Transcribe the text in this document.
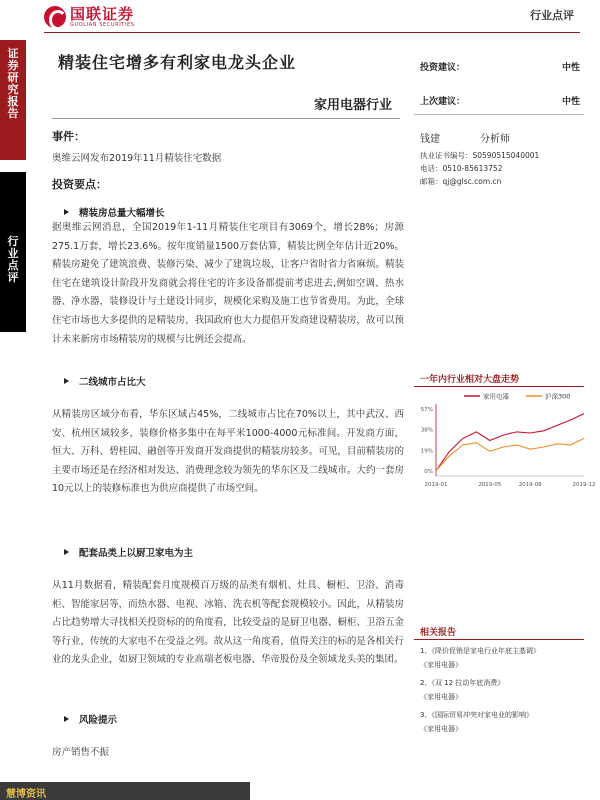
国联证券
GUOLIAN SECURITIES
行业点评
证
券
研
究
报
告
行
业
点
评
精装住宅增多有利家电龙头企业
家用电器行业
投资建议：	中性
上次建议：	中性
钱建	分析师
执业证书编号：S0590515040001
电话：0510-85613752
邮箱：qj@glsc.com.cn
事件：
奥维云网发布2019年11月精装住宅数据
投资要点：
精装房总量大幅增长
据奥维云网消息，全国2019年1-11月精装住宅项目有3069个，增长28%；房源275.1万套，增长23.6%。按年度销量1500万套估算，精装比例全年估计近20%。精装房避免了建筑浪费、装修污染、减少了建筑垃圾，让客户省时省力省麻烦。精装住宅在建筑设计阶段开发商就会将住宅的许多设备都提前考虑进去,例如空调、热水器、净水器，装修设计与土建设计同步，规模化采购及施工也节省费用。为此，全球住宅市场也大多提供的是精装房，我国政府也大力提倡开发商建设精装房，故可以预计未来新房市场精装房的规模与比例还会提高。
二线城市占比大
从精装房区域分布看，华东区域占45%，二线城市占比在70%以上，其中武汉、西安、杭州区域较多，装修价格多集中在每平米1000-4000元标准间。开发商方面，恒大、万科、碧桂园、融创等开发商开发商提供的精装房较多。可见，目前精装房的主要市场还是在经济相对发达、消费理念较为领先的华东区及二线城市。大约一套房10元以上的装修标准也为供应商提供了市场空间。
配套品类上以厨卫家电为主
从11月数据看，精装配套月度规模百万级的品类有烟机、灶具、橱柜、卫浴、消毒柜、智能家居等，而热水器、电视、冰箱、洗衣机等配套规模较小。因此，从精装房占比趋势增大寻找相关投资标的的角度看，比较受益的是厨卫电器、橱柜、卫浴五金等行业，传统的大家电不在受益之列。故从这一角度看，值得关注的标的是各相关行业的龙头企业，如厨卫领域的专业高端老板电器、华帝股份及全领域龙头美的集团。
风险提示
房产销售不振
一年内行业相对大盘走势
家用电器	沪深300
57%
38%
19%
0%
2019-01	2019-05	2019-08	2019-12
相关报告
1、《降价促销是家电行业年底主基调》
《家用电器》
2、《双 12 拉动年底消费》
《家用电器》
3、《国际贸易冲突对家电业的影响》
《家用电器》
慧博资讯
